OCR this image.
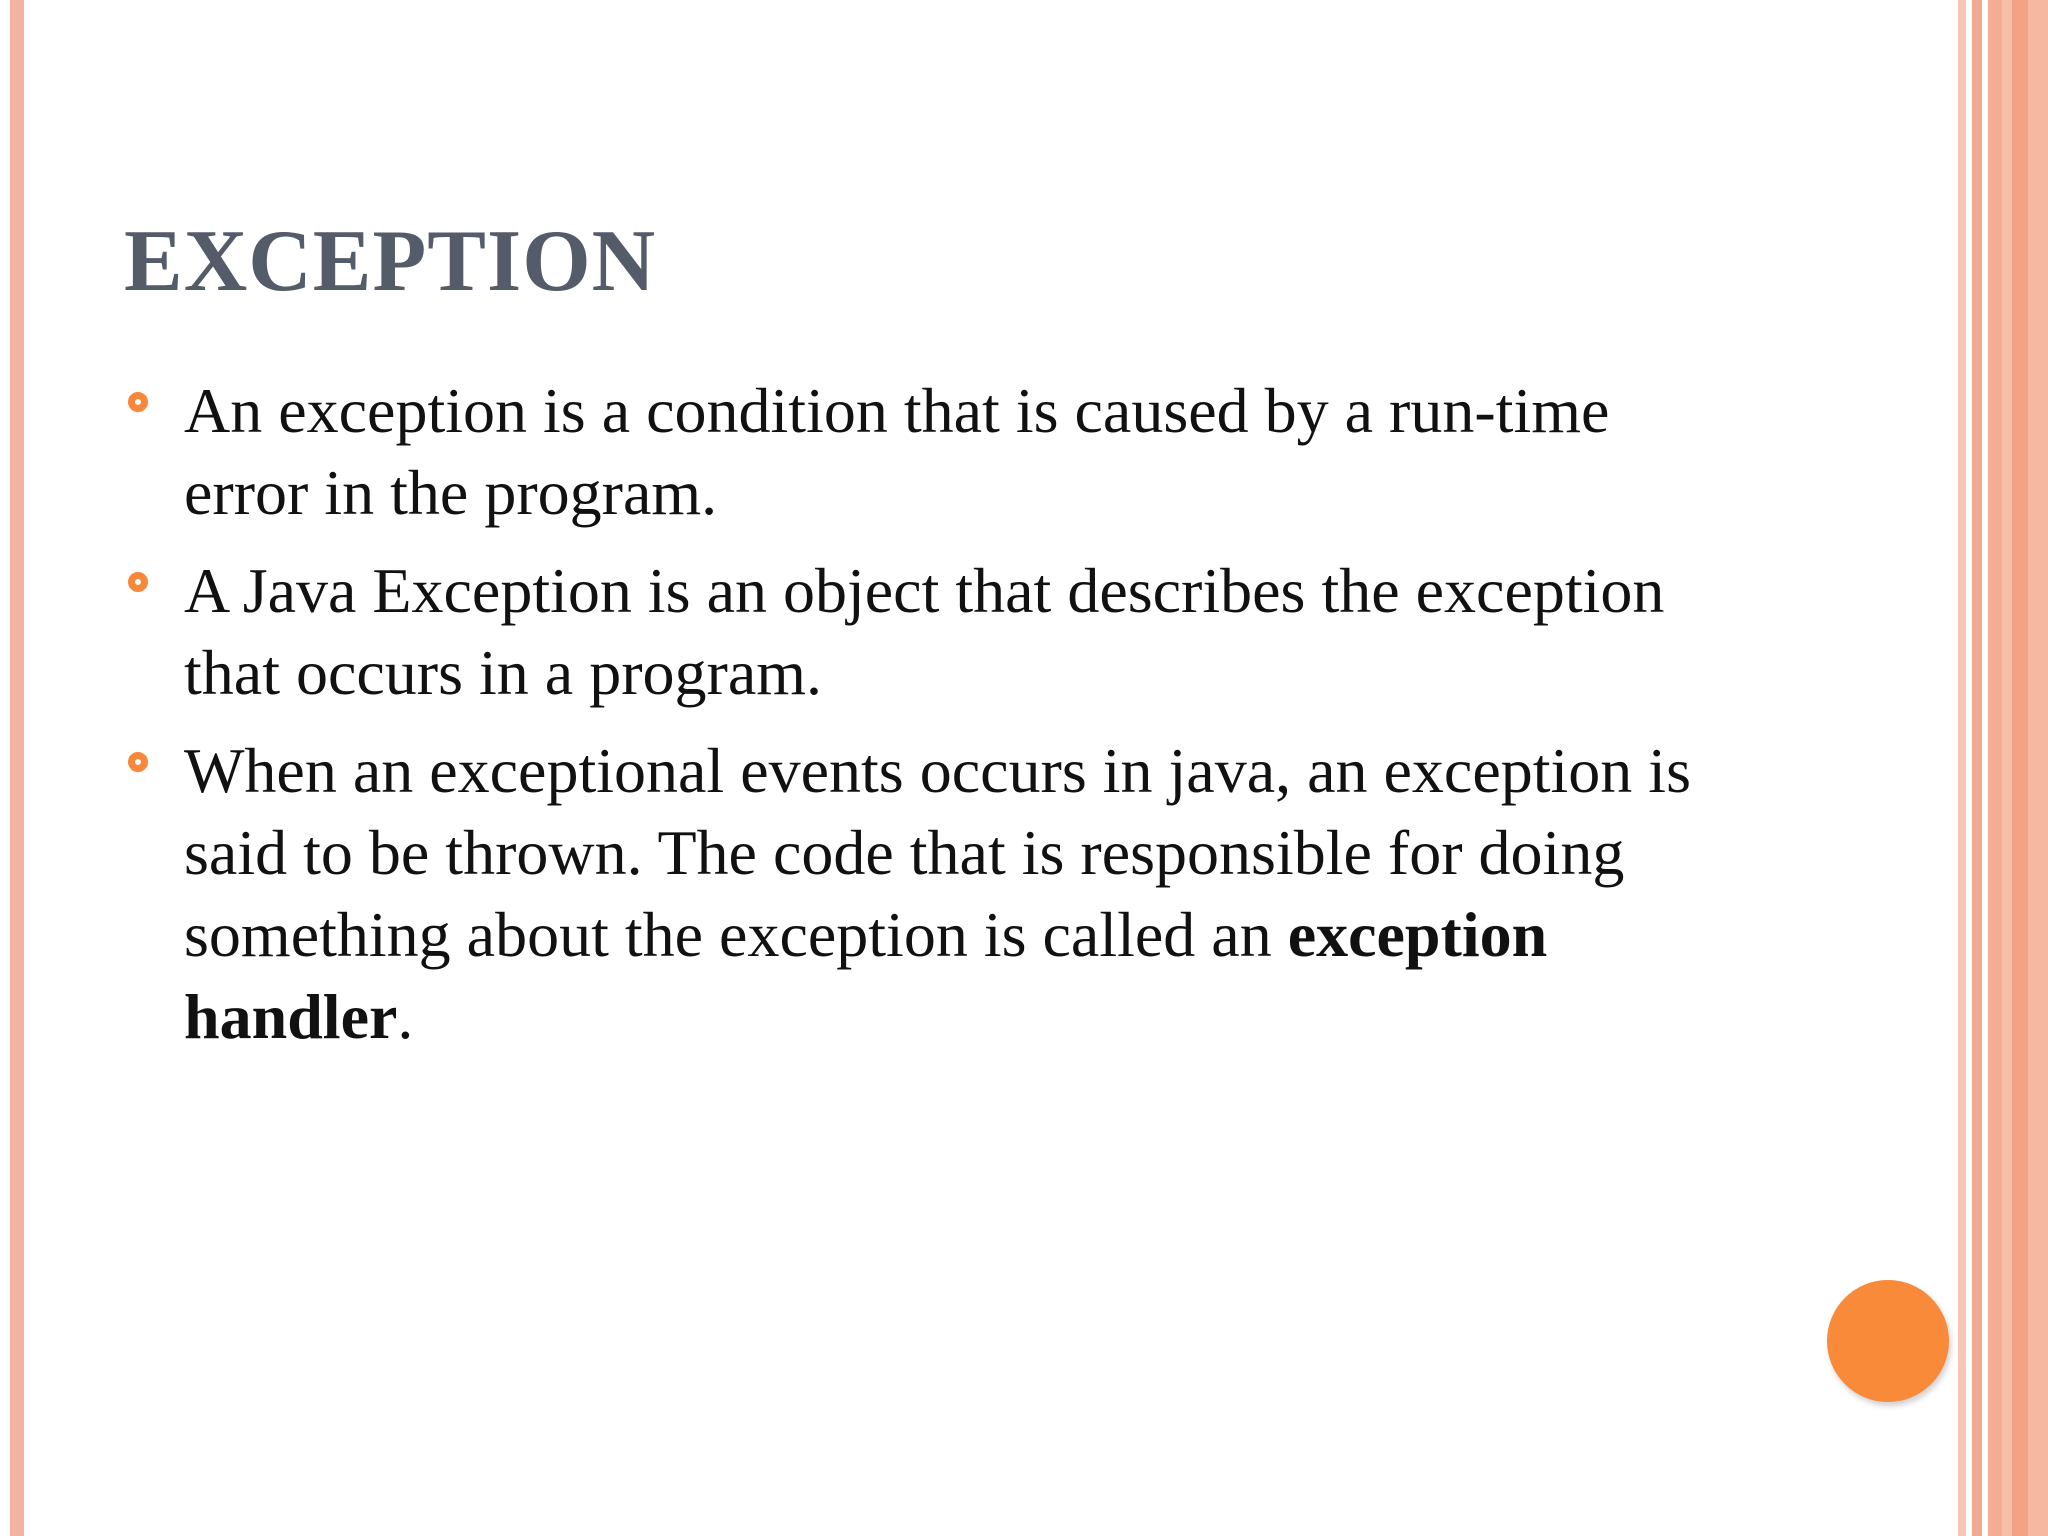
EXCEPTION
An exception is a condition that is caused by a run-time error in the program.
A Java Exception is an object that describes the exception that occurs in a program.
When an exceptional events occurs in java, an exception is said to be thrown. The code that is responsible for doing something about the exception is called an exception handler.
